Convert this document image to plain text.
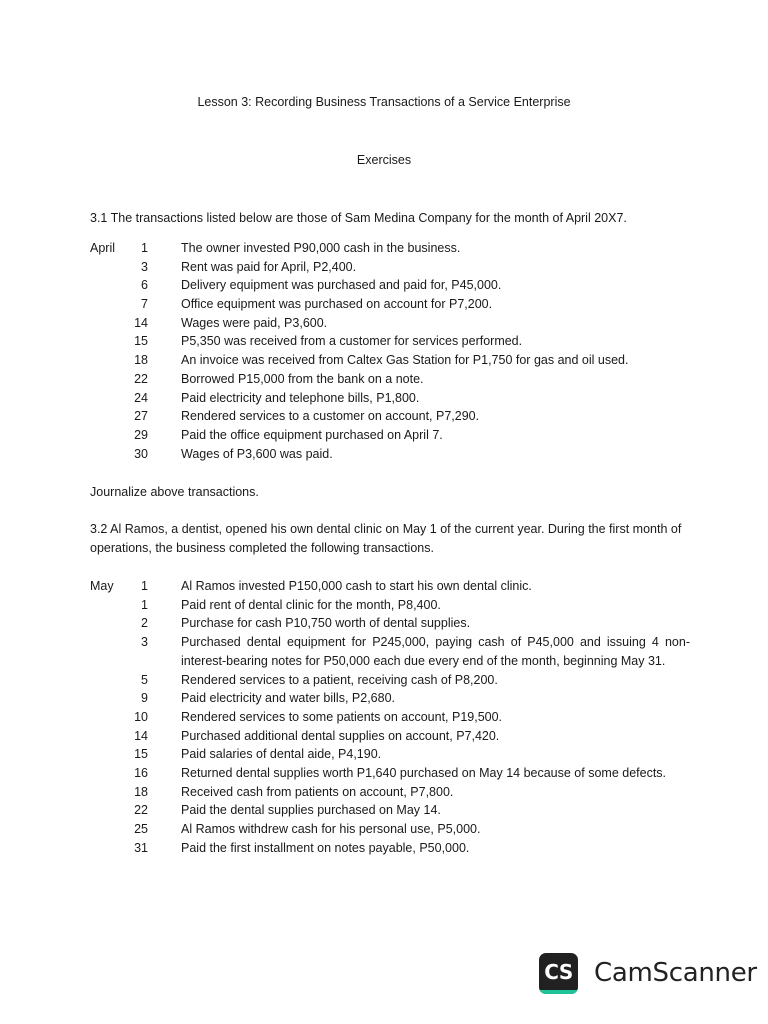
Lesson 3: Recording Business Transactions of a Service Enterprise
Exercises
3.1 The transactions listed below are those of Sam Medina Company for the month of April 20X7.
April	1	The owner invested P90,000 cash in the business.
3	Rent was paid for April, P2,400.
6	Delivery equipment was purchased and paid for, P45,000.
7	Office equipment was purchased on account for P7,200.
14	Wages were paid, P3,600.
15	P5,350 was received from a customer for services performed.
18	An invoice was received from Caltex Gas Station for P1,750 for gas and oil used.
22	Borrowed P15,000 from the bank on a note.
24	Paid electricity and telephone bills, P1,800.
27	Rendered services to a customer on account, P7,290.
29	Paid the office equipment purchased on April 7.
30	Wages of P3,600 was paid.
Journalize above transactions.
3.2 Al Ramos, a dentist, opened his own dental clinic on May 1 of the current year. During the first month of operations, the business completed the following transactions.
May	1	Al Ramos invested P150,000 cash to start his own dental clinic.
1	Paid rent of dental clinic for the month, P8,400.
2	Purchase for cash P10,750 worth of dental supplies.
3	Purchased dental equipment for P245,000, paying cash of P45,000 and issuing 4 non-interest-bearing notes for P50,000 each due every end of the month, beginning May 31.
5	Rendered services to a patient, receiving cash of P8,200.
9	Paid electricity and water bills, P2,680.
10	Rendered services to some patients on account, P19,500.
14	Purchased additional dental supplies on account, P7,420.
15	Paid salaries of dental aide, P4,190.
16	Returned dental supplies worth P1,640 purchased on May 14 because of some defects.
18	Received cash from patients on account, P7,800.
22	Paid the dental supplies purchased on May 14.
25	Al Ramos withdrew cash for his personal use, P5,000.
31	Paid the first installment on notes payable, P50,000.
CS CamScanner
